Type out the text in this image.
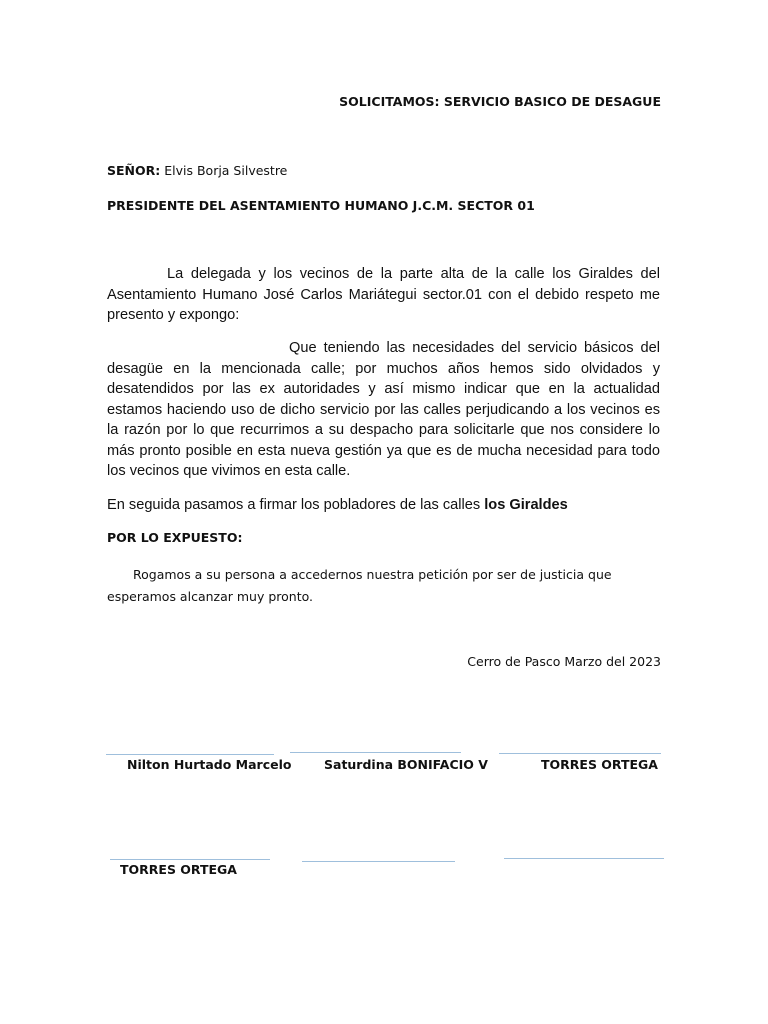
SOLICITAMOS: SERVICIO BASICO DE DESAGUE
SEÑOR: Elvis Borja Silvestre
PRESIDENTE DEL ASENTAMIENTO HUMANO J.C.M. SECTOR 01

La delegada y los vecinos de la parte alta de la calle los Giraldes del Asentamiento Humano José Carlos Mariátegui sector.01 con el debido respeto me presento y expongo:

Que teniendo las necesidades del servicio básicos del desagüe en la mencionada calle; por muchos años hemos sido olvidados y desatendidos por las ex autoridades y así mismo indicar que en la actualidad estamos haciendo uso de dicho servicio por las calles perjudicando a los vecinos es la razón por lo que recurrimos a su despacho para solicitarle que nos considere lo más pronto posible en esta nueva gestión ya que es de mucha necesidad para todo los vecinos que vivimos en esta calle.

En seguida pasamos a firmar los pobladores de las calles los Giraldes

POR LO EXPUESTO:

Rogamos a su persona a accedernos nuestra petición por ser de justicia que esperamos alcanzar muy pronto.

Cerro de Pasco Marzo del 2023
Nilton Hurtado Marcelo	Saturdina BONIFACIO V	TORRES ORTEGA
TORRES ORTEGA
